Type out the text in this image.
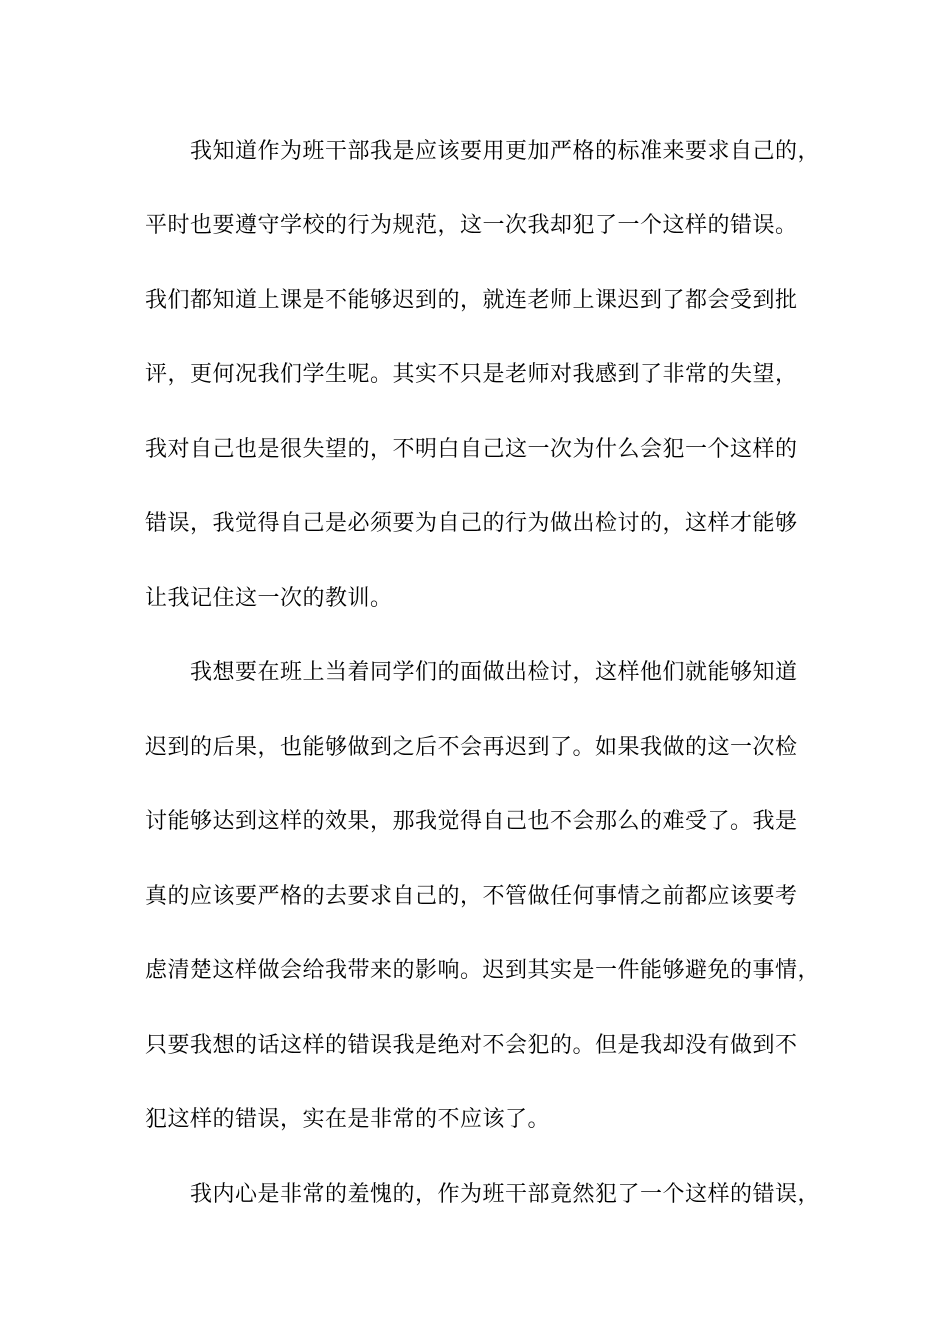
我知道作为班干部我是应该要用更加严格的标准来要求自己的，
平时也要遵守学校的行为规范，这一次我却犯了一个这样的错误。
我们都知道上课是不能够迟到的，就连老师上课迟到了都会受到批
评，更何况我们学生呢。其实不只是老师对我感到了非常的失望，
我对自己也是很失望的，不明白自己这一次为什么会犯一个这样的
错误，我觉得自己是必须要为自己的行为做出检讨的，这样才能够
让我记住这一次的教训。
我想要在班上当着同学们的面做出检讨，这样他们就能够知道
迟到的后果，也能够做到之后不会再迟到了。如果我做的这一次检
讨能够达到这样的效果，那我觉得自己也不会那么的难受了。我是
真的应该要严格的去要求自己的，不管做任何事情之前都应该要考
虑清楚这样做会给我带来的影响。迟到其实是一件能够避免的事情，
只要我想的话这样的错误我是绝对不会犯的。但是我却没有做到不
犯这样的错误，实在是非常的不应该了。
我内心是非常的羞愧的，作为班干部竟然犯了一个这样的错误，
